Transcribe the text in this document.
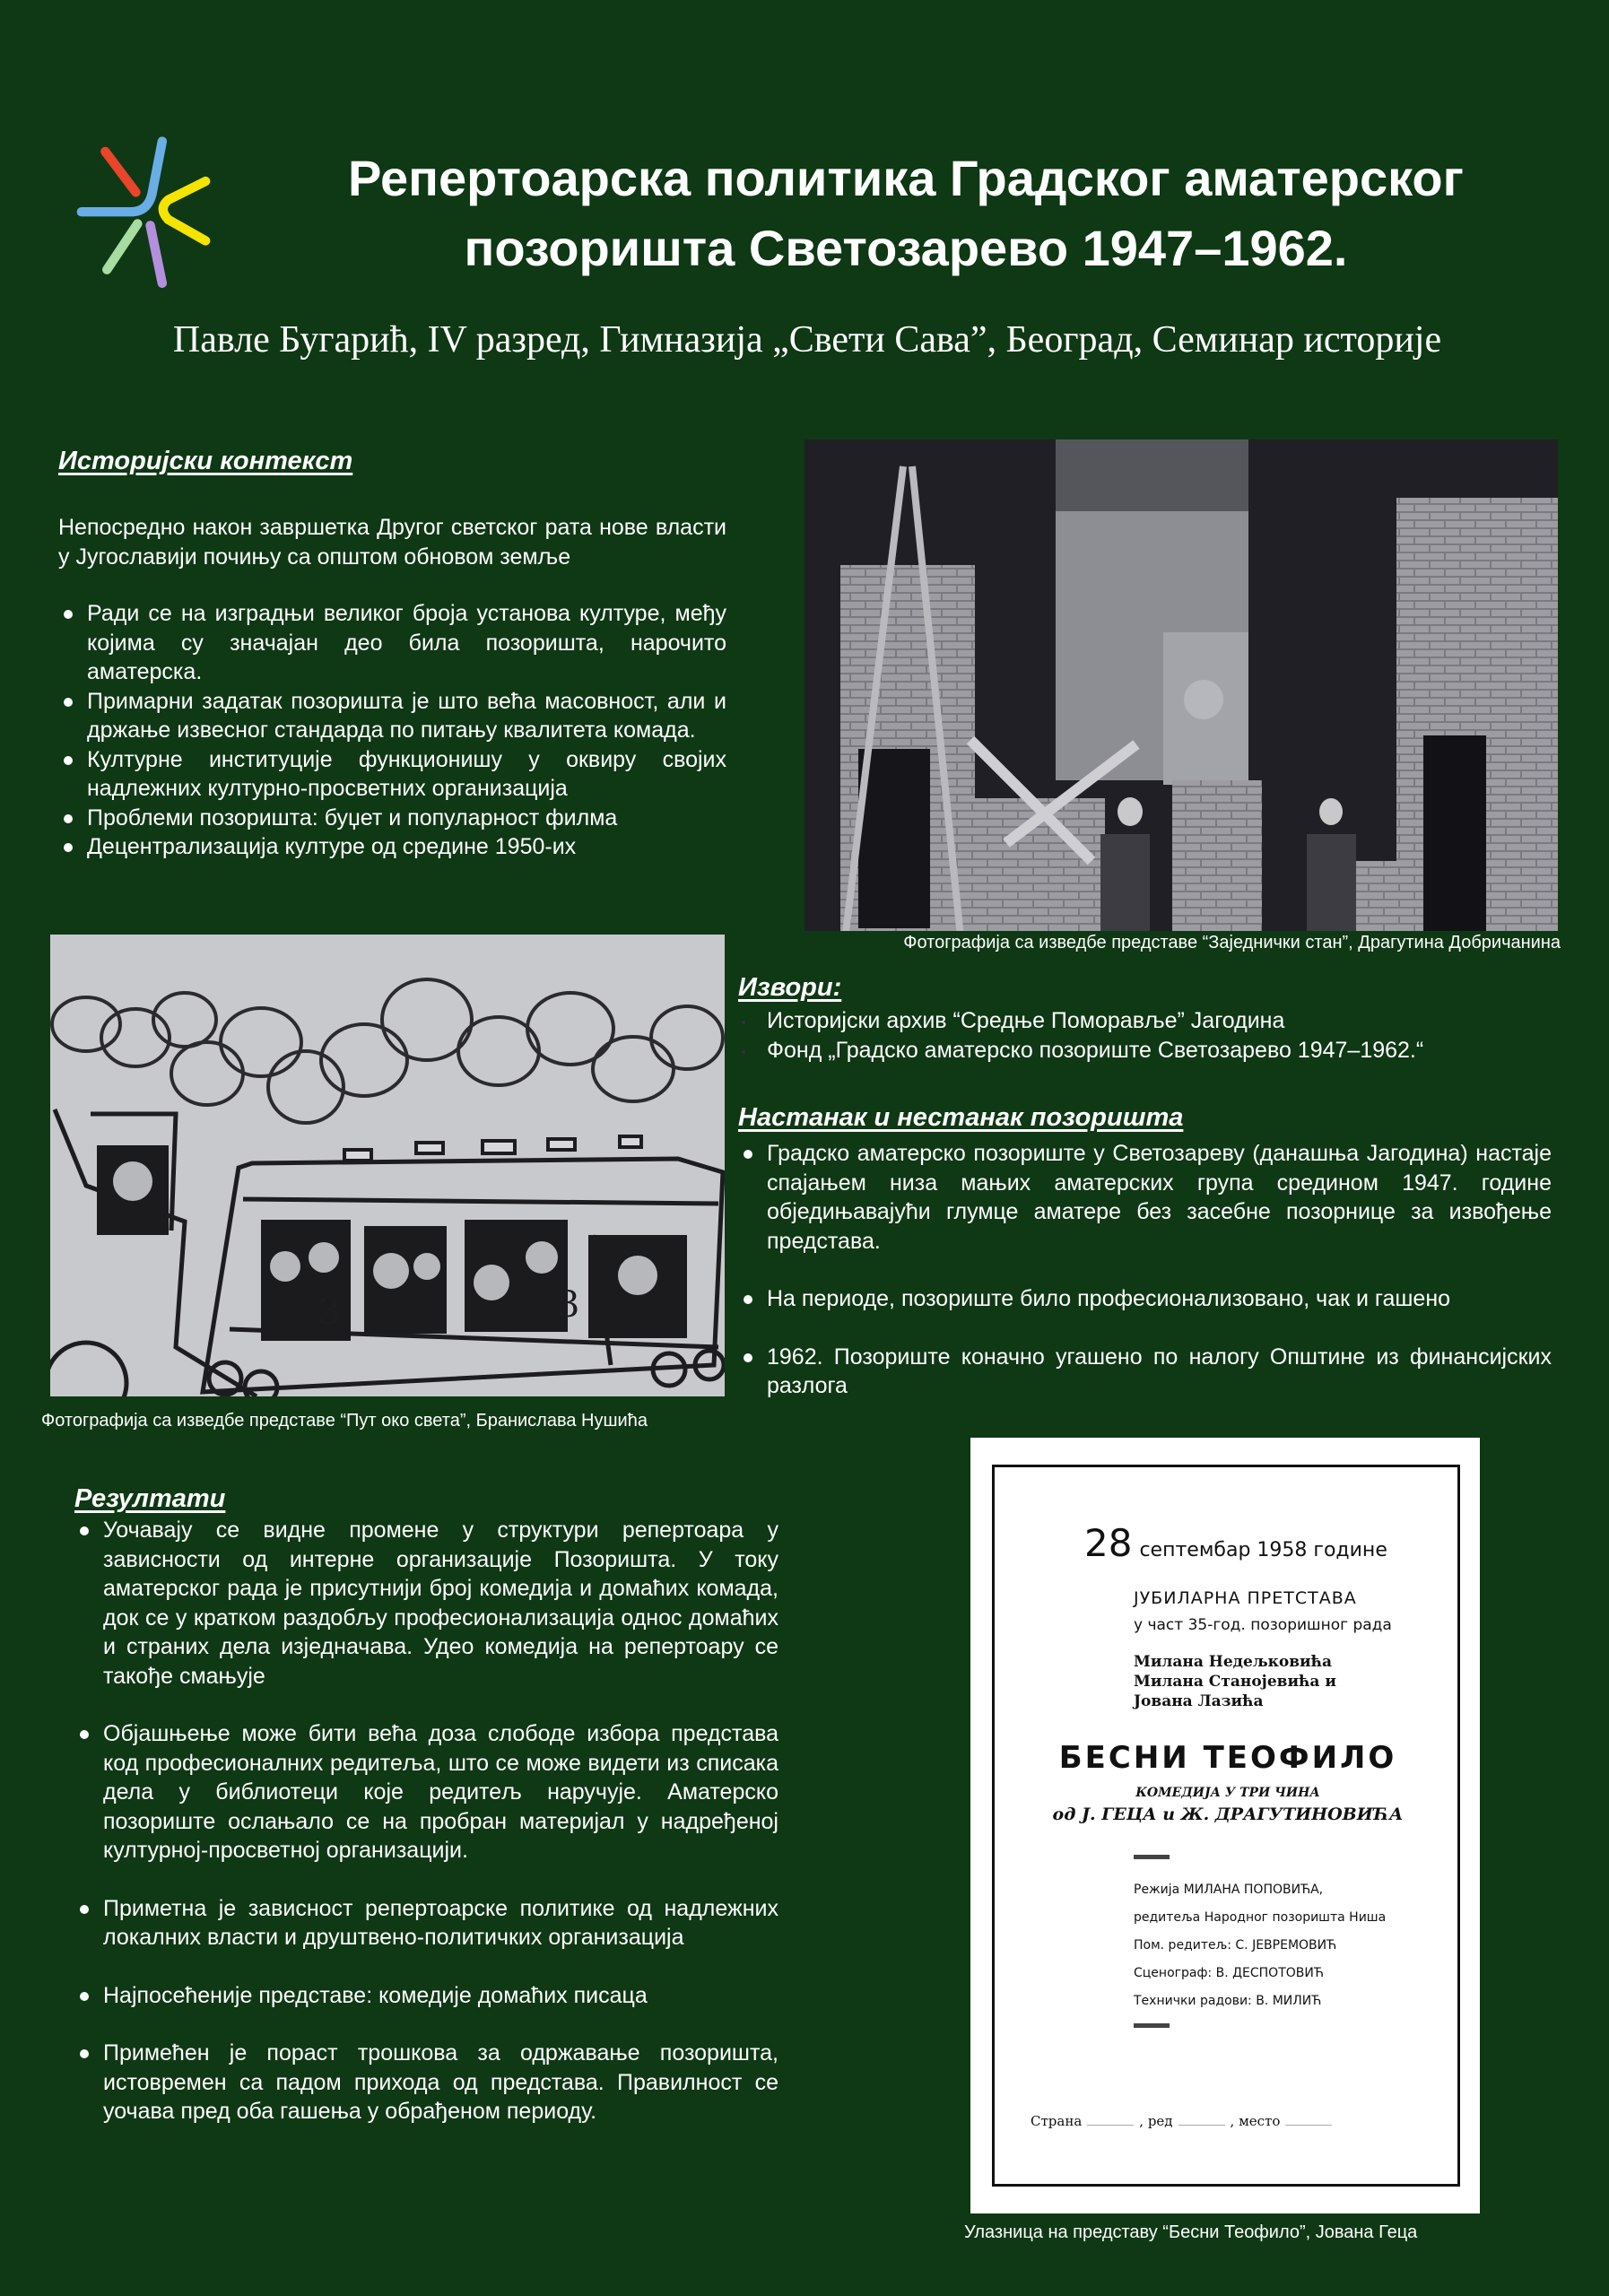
Репертоарска политика Градског аматерског
позоришта Светозарево 1947–1962.
Павле Бугарић, IV разред, Гимназија „Свети Сава”, Београд, Семинар историје
Историјски контекст
Непосредно након завршетка Другог светског рата нове власти у Југославији почињу са општом обновом земље
Ради се на изградњи великог броја установа културе, међу којима су значајан део била позоришта, нарочито аматерска.
Примарни задатак позоришта је што већа масовност, али и држање извесног стандарда по питању квалитета комада.
Културне институције функционишу у оквиру својих надлежних културно-просветних организација
Проблеми позоришта: буџет и популарност филма
Децентрализација културе од средине 1950-их
Фотографија са изведбе представе “Заједнички стан”, Драгутина Добричанина
3	3
Фотографија са изведбе представе “Пут око света”, Бранислава Нушића
Извори:
Историјски архив “Средње Поморавље” Јагодина
Фонд „Градско аматерско позориште Светозарево 1947–1962.“
Настанак и нестанак позоришта
Градско аматерско позориште у Светозареву (данашња Јагодина) настаје спајањем низа мањих аматерских група средином 1947. године обједињавајући глумце аматере без засебне позорнице за извођење представа.
На периоде, позориште било професионализовано, чак и гашено
1962. Позориште коначно угашено по налогу Општине из финансијских разлога
Резултати
Уочавају се видне промене у структури репертоара у зависности од интерне организације Позоришта. У току аматерског рада је присутнији број комедија и домаћих комада, док се у кратком раздобљу професионализација однос домаћих и страних дела изједначава. Удео комедија на репертоару се такође смањује
Објашњење може бити већа доза слободе избора представа код професионалних редитеља, што се може видети из списака дела у библиотеци које редитељ наручује. Аматерско позориште ослањало се на пробран материјал у надређеној културној-просветној организацији.
Приметна је зависност репертоарске политике од надлежних локалних власти и друштвено-политичких организација
Најпосећеније представе: комедије домаћих писаца
Примећен је пораст трошкова за одржавање позоришта, истовремен са падом прихода од представа. Правилност се уочава пред оба гашења у обрађеном периоду.
28 септембар 1958 године
ЈУБИЛАРНА ПРЕТСТАВА
у част 35-год. позоришног рада
Милана Недељковића
Милана Станојевића и
Јована Лазића
БЕСНИ ТЕОФИЛО
КОМЕДИЈА У ТРИ ЧИНА
од Ј. ГЕЦА и Ж. ДРАГУТИНОВИЋА
Режија МИЛАНА ПОПОВИЋА,
редитеља Народног позоришта Ниша
Пом. редитељ: С. ЈЕВРЕМОВИЋ
Сценограф: В. ДЕСПОТОВИЋ
Технички радови: В. МИЛИЋ
Страна	, ред	, место
Улазница на представу “Бесни Теофило”, Јована Геца
